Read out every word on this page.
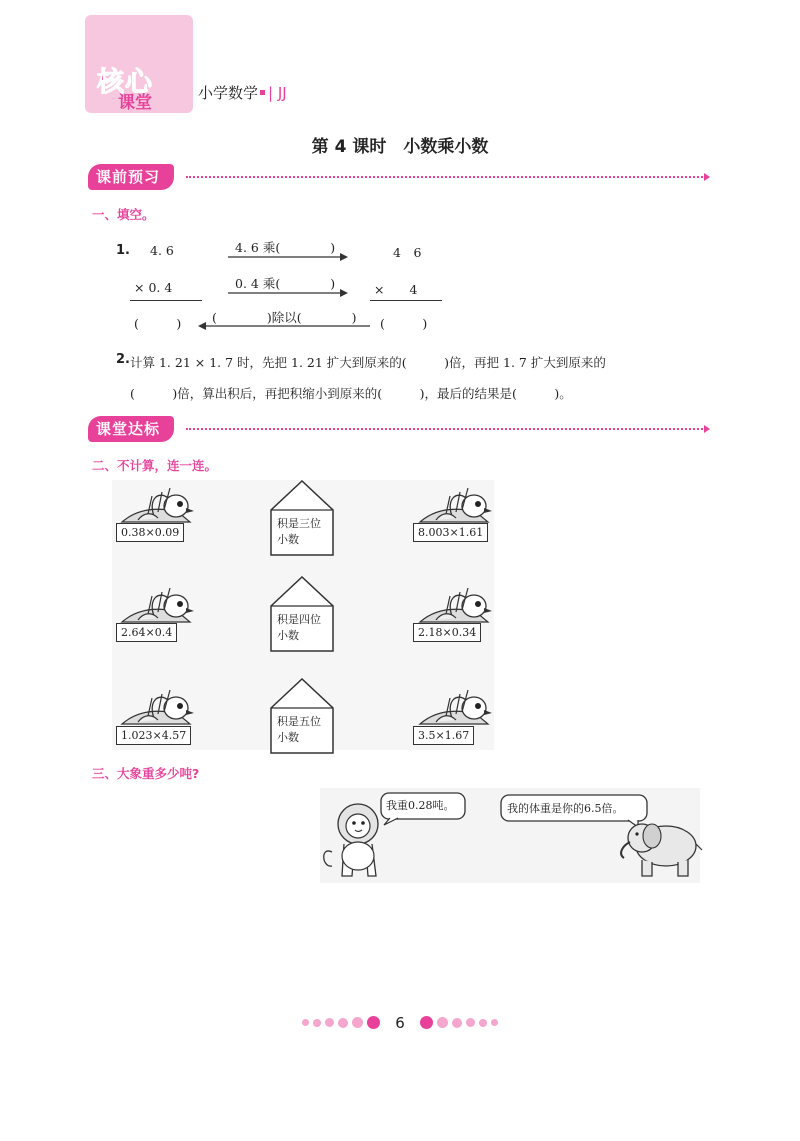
核心
课堂	小学数学 | JJ
第 4 课时　小数乘小数
课前预习
一、填空。
1. 4. 6
× 0. 4
(　　　)
4. 6 乘(　　　　)
0. 4 乘(　　　　)
(　　　　)除以(　　　　)
4　6
×　　4
(　　　)
2. 计算 1. 21 × 1. 7 时，先把 1. 21 扩大到原来的(　　　)倍，再把 1. 7 扩大到原来的
(　　　)倍，算出积后，再把积缩小到原来的(　　　)，最后的结果是(　　　)。
课堂达标
二、不计算，连一连。
0.38×0.09
2.64×0.4
1.023×4.57
积是三位
小数
积是四位
小数
积是五位
小数
8.003×1.61
2.18×0.34
3.5×1.67
三、大象重多少吨?
我重0.28吨。	我的体重是你的6.5倍。
6
